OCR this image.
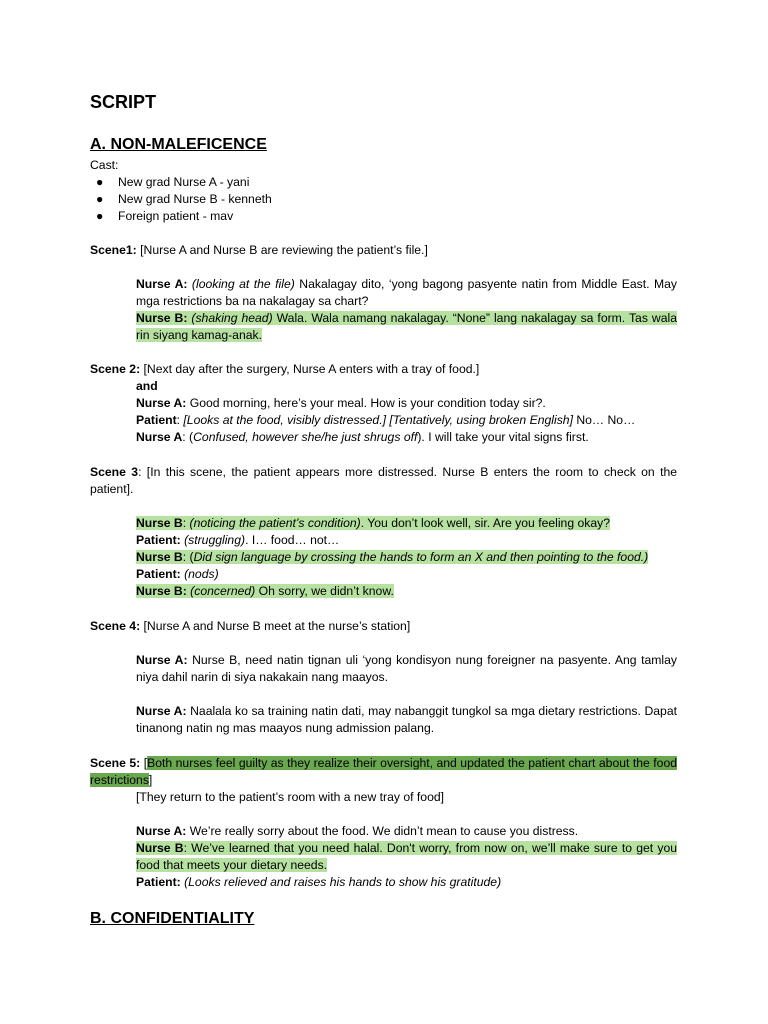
SCRIPT
A. NON-MALEFICENCE
Cast:
● New grad Nurse A - yani
● New grad Nurse B - kenneth
● Foreign patient - mav
Scene1: [Nurse A and Nurse B are reviewing the patient’s file.]
Nurse A: (looking at the file) Nakalagay dito, ‘yong bagong pasyente natin from Middle East. May mga restrictions ba na nakalagay sa chart?
Nurse B: (shaking head) Wala. Wala namang nakalagay. “None” lang nakalagay sa form. Tas wala rin siyang kamag-anak.
Scene 2: [Next day after the surgery, Nurse A enters with a tray of food.]
and
Nurse A: Good morning, here’s your meal. How is your condition today sir?.
Patient: [Looks at the food, visibly distressed.] [Tentatively, using broken English] No… No…
Nurse A: (Confused, however she/he just shrugs off). I will take your vital signs first.
Scene 3: [In this scene, the patient appears more distressed. Nurse B enters the room to check on the patient].
Nurse B: (noticing the patient’s condition). You don’t look well, sir. Are you feeling okay?
Patient: (struggling). I… food… not…
Nurse B: (Did sign language by crossing the hands to form an X and then pointing to the food.)
Patient: (nods)
Nurse B: (concerned) Oh sorry, we didn’t know.
Scene 4: [Nurse A and Nurse B meet at the nurse’s station]
Nurse A: Nurse B, need natin tignan uli ‘yong kondisyon nung foreigner na pasyente. Ang tamlay niya dahil narin di siya nakakain nang maayos.
Nurse A: Naalala ko sa training natin dati, may nabanggit tungkol sa mga dietary restrictions. Dapat tinanong natin ng mas maayos nung admission palang.
Scene 5: [Both nurses feel guilty as they realize their oversight, and updated the patient chart about the food restrictions]
[They return to the patient’s room with a new tray of food]
Nurse A: We’re really sorry about the food. We didn’t mean to cause you distress.
Nurse B: We’ve learned that you need halal. Don't worry, from now on, we’ll make sure to get you food that meets your dietary needs.
Patient: (Looks relieved and raises his hands to show his gratitude)
B. CONFIDENTIALITY
